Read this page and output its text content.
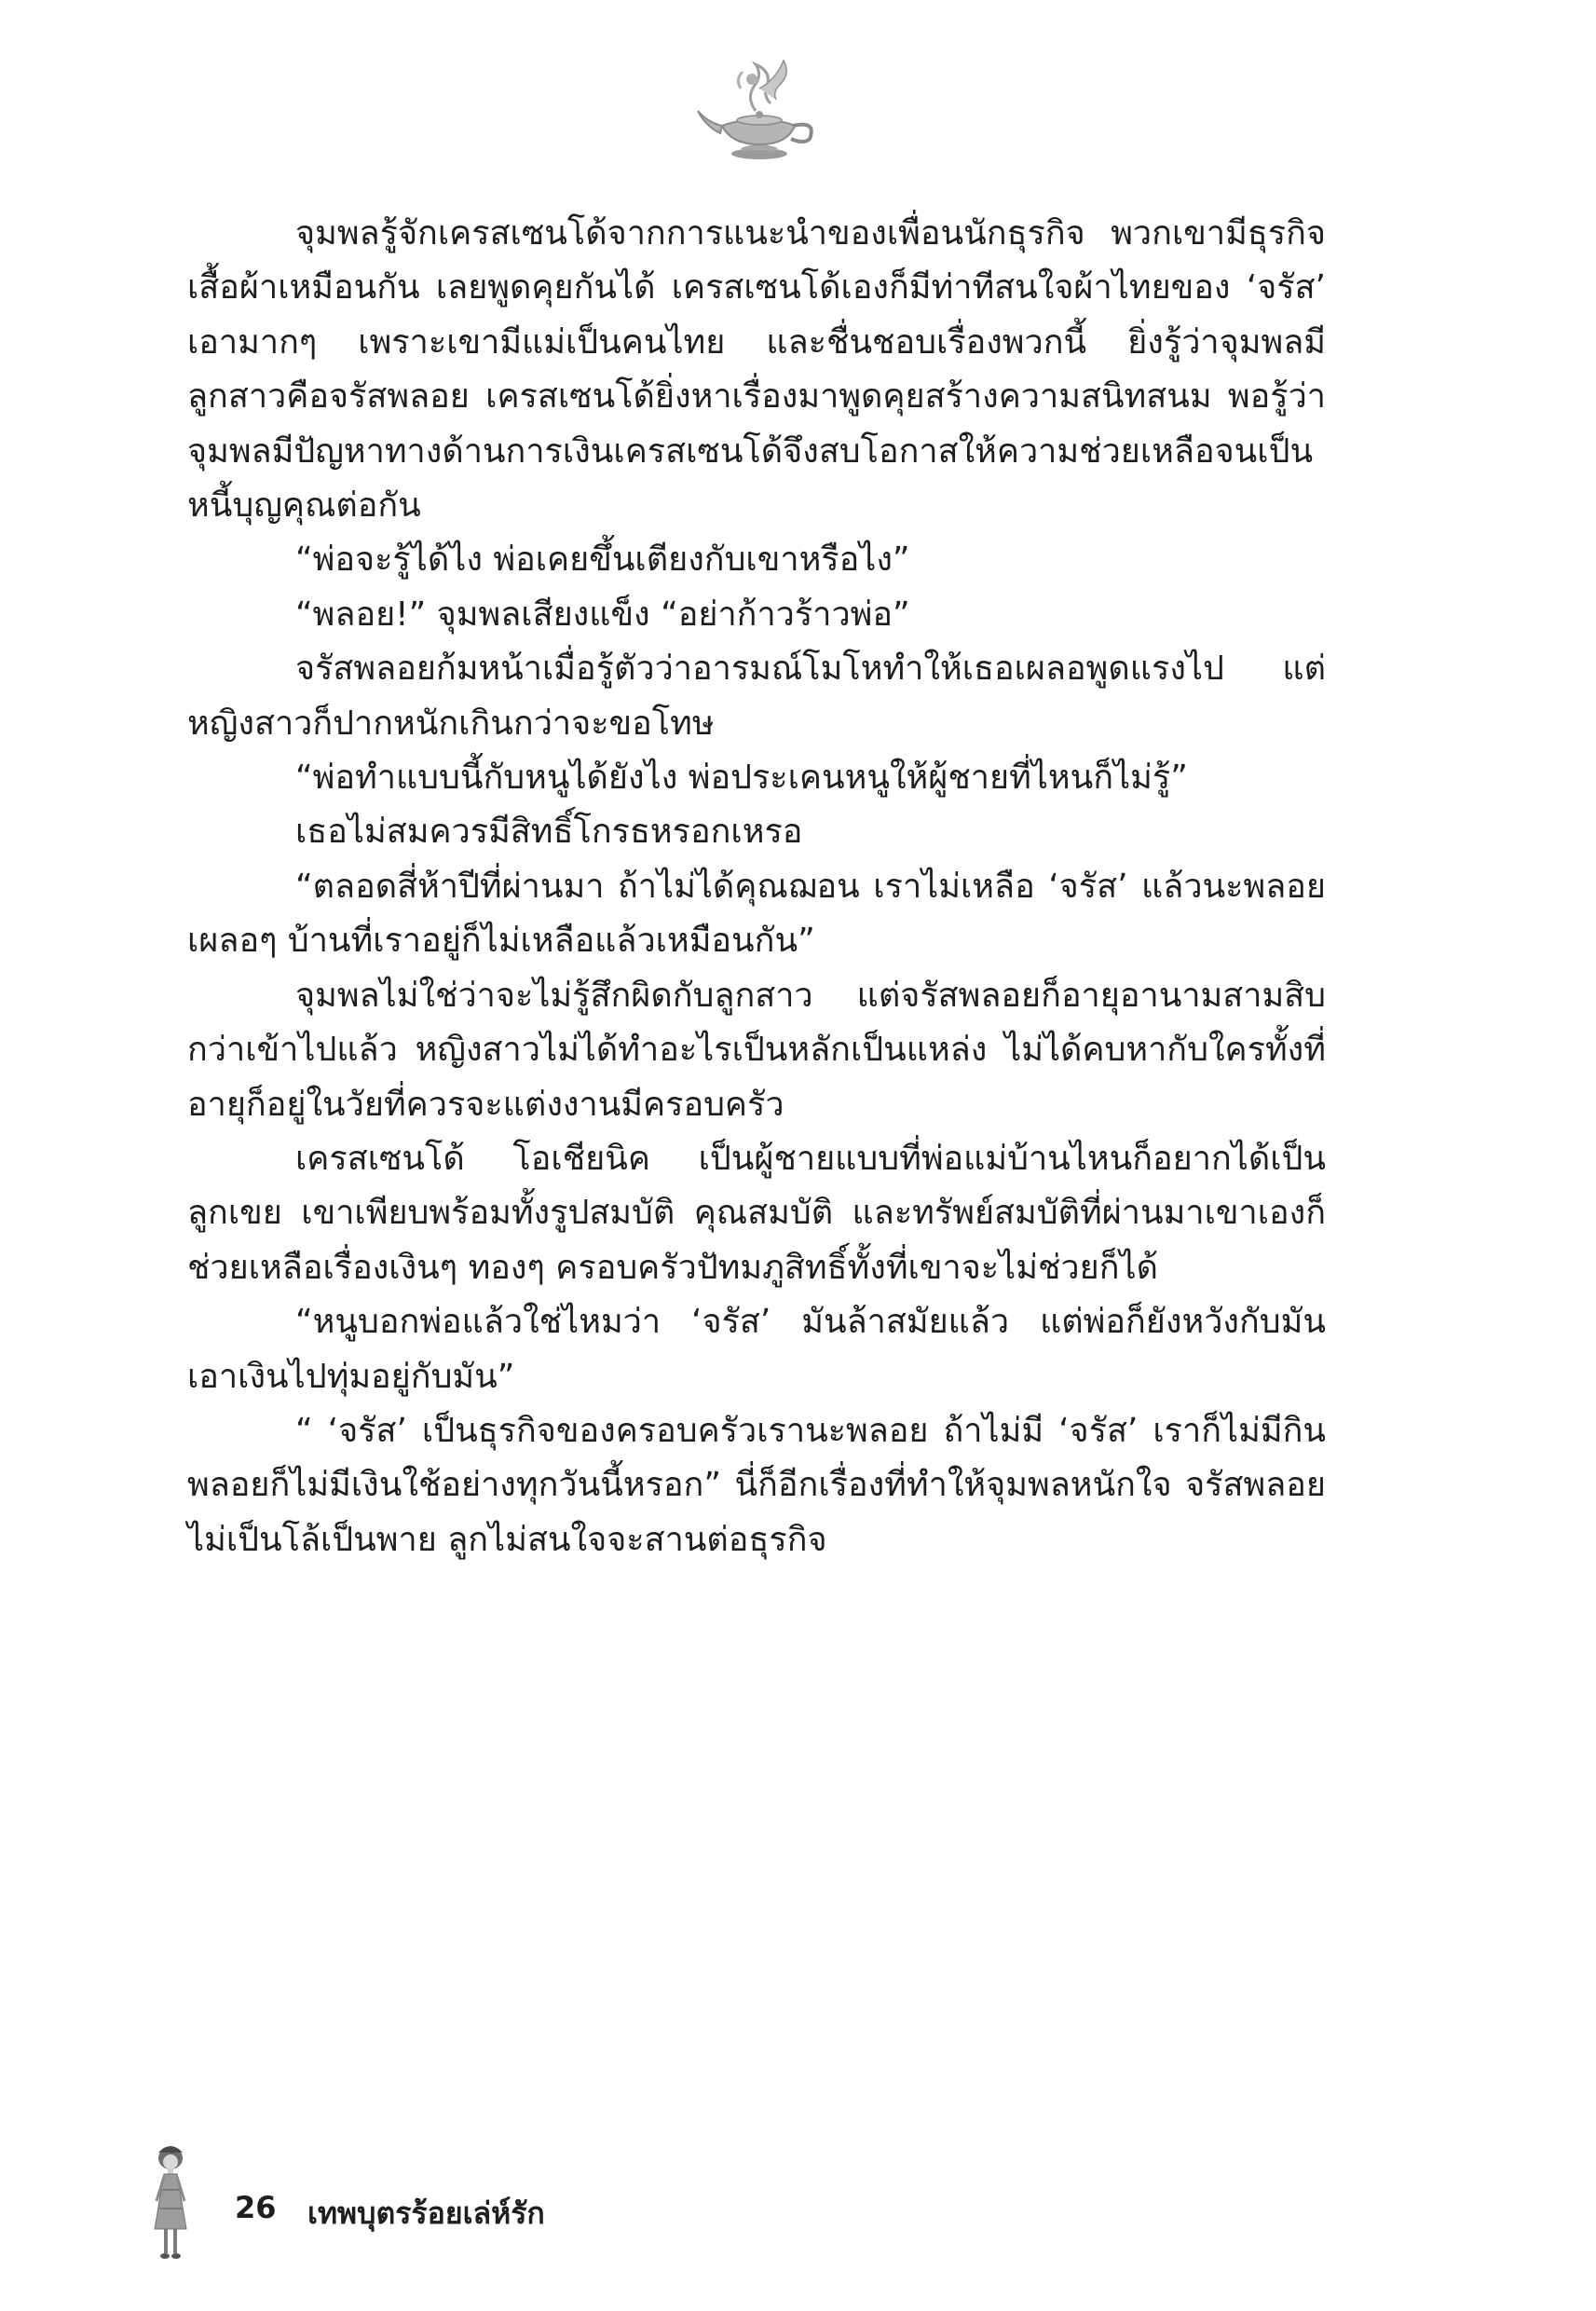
จุมพลรู้จักเครสเซนโด้จากการแนะนำของเพื่อนนักธุรกิจ พวกเขามีธุรกิจเสื้อผ้าเหมือนกัน เลยพูดคุยกันได้ เครสเซนโด้เองก็มีท่าทีสนใจผ้าไทยของ ‘จรัส’ เอามากๆ เพราะเขามีแม่เป็นคนไทย และชื่นชอบเรื่องพวกนี้ ยิ่งรู้ว่าจุมพลมีลูกสาวคือจรัสพลอย เครสเซนโด้ยิ่งหาเรื่องมาพูดคุยสร้างความสนิทสนม พอรู้ว่าจุมพลมีปัญหาทางด้านการเงินเครสเซนโด้จึงสบโอกาสให้ความช่วยเหลือจนเป็นหนี้บุญคุณต่อกัน

“พ่อจะรู้ได้ไง พ่อเคยขึ้นเตียงกับเขาหรือไง”

“พลอย!” จุมพลเสียงแข็ง “อย่าก้าวร้าวพ่อ”

จรัสพลอยก้มหน้าเมื่อรู้ตัวว่าอารมณ์โมโหทำให้เธอเผลอพูดแรงไป แต่หญิงสาวก็ปากหนักเกินกว่าจะขอโทษ

“พ่อทำแบบนี้กับหนูได้ยังไง พ่อประเคนหนูให้ผู้ชายที่ไหนก็ไม่รู้”

เธอไม่สมควรมีสิทธิ์โกรธหรอกเหรอ

“ตลอดสี่ห้าปีที่ผ่านมา ถ้าไม่ได้คุณฌอน เราไม่เหลือ ‘จรัส’ แล้วนะพลอย เผลอๆ บ้านที่เราอยู่ก็ไม่เหลือแล้วเหมือนกัน”

จุมพลไม่ใช่ว่าจะไม่รู้สึกผิดกับลูกสาว แต่จรัสพลอยก็อายุอานามสามสิบกว่าเข้าไปแล้ว หญิงสาวไม่ได้ทำอะไรเป็นหลักเป็นแหล่ง ไม่ได้คบหากับใครทั้งที่อายุก็อยู่ในวัยที่ควรจะแต่งงานมีครอบครัว

เครสเซนโด้ โอเชียนิค เป็นผู้ชายแบบที่พ่อแม่บ้านไหนก็อยากได้เป็นลูกเขย เขาเพียบพร้อมทั้งรูปสมบัติ คุณสมบัติ และทรัพย์สมบัติที่ผ่านมาเขาเองก็ช่วยเหลือเรื่องเงินๆ ทองๆ ครอบครัวปัทมภูสิทธิ์ทั้งที่เขาจะไม่ช่วยก็ได้

“หนูบอกพ่อแล้วใช่ไหมว่า ‘จรัส’ มันล้าสมัยแล้ว แต่พ่อก็ยังหวังกับมัน เอาเงินไปทุ่มอยู่กับมัน”

“ ‘จรัส’ เป็นธุรกิจของครอบครัวเรานะพลอย ถ้าไม่มี ‘จรัส’ เราก็ไม่มีกิน พลอยก็ไม่มีเงินใช้อย่างทุกวันนี้หรอก” นี่ก็อีกเรื่องที่ทำให้จุมพลหนักใจ จรัสพลอยไม่เป็นโล้เป็นพาย ลูกไม่สนใจจะสานต่อธุรกิจ

26 เทพบุตรร้อยเล่ห์รัก
